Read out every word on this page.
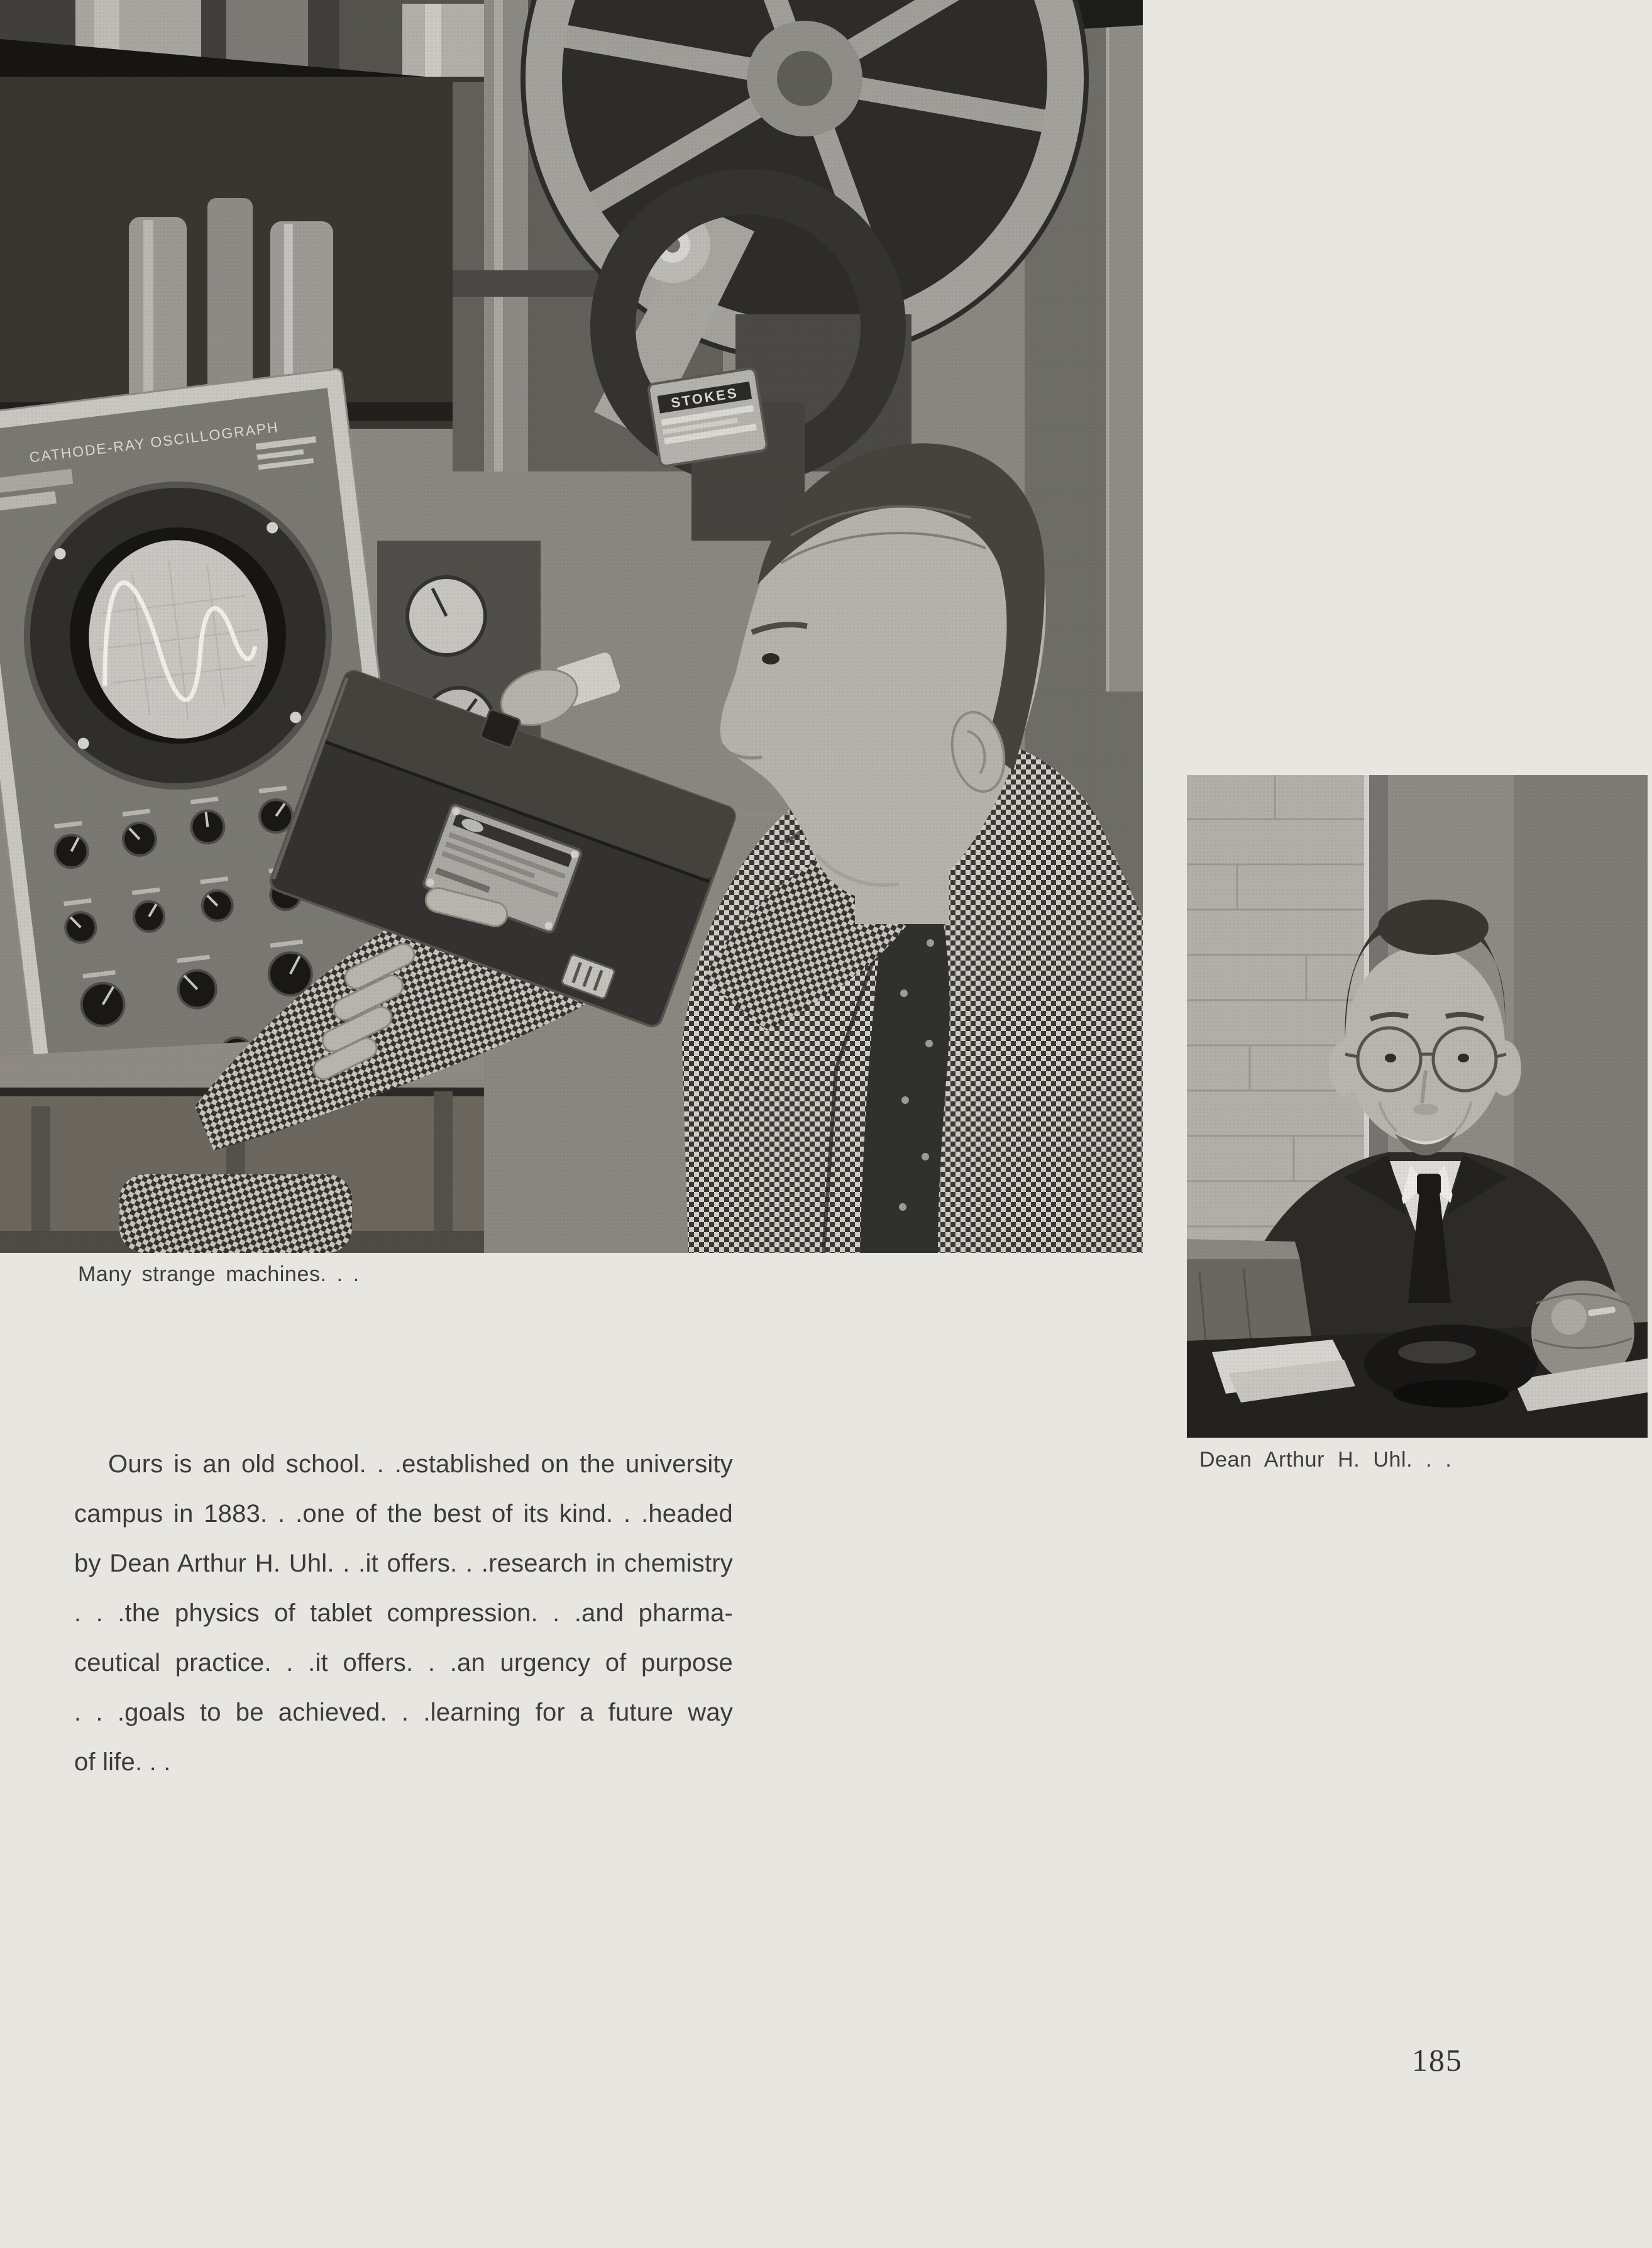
Many strange machines. . .
Dean Arthur H. Uhl. . .
Ours is an old school. . .established on the university
campus in 1883. . .one of the best of its kind. . .headed
by Dean Arthur H. Uhl. . .it offers. . .research in chemistry
. . .the physics of tablet compression. . .and pharma-
ceutical practice. . .it offers. . .an urgency of purpose
. . .goals to be achieved. . .learning for a future way
of life. . .
185
